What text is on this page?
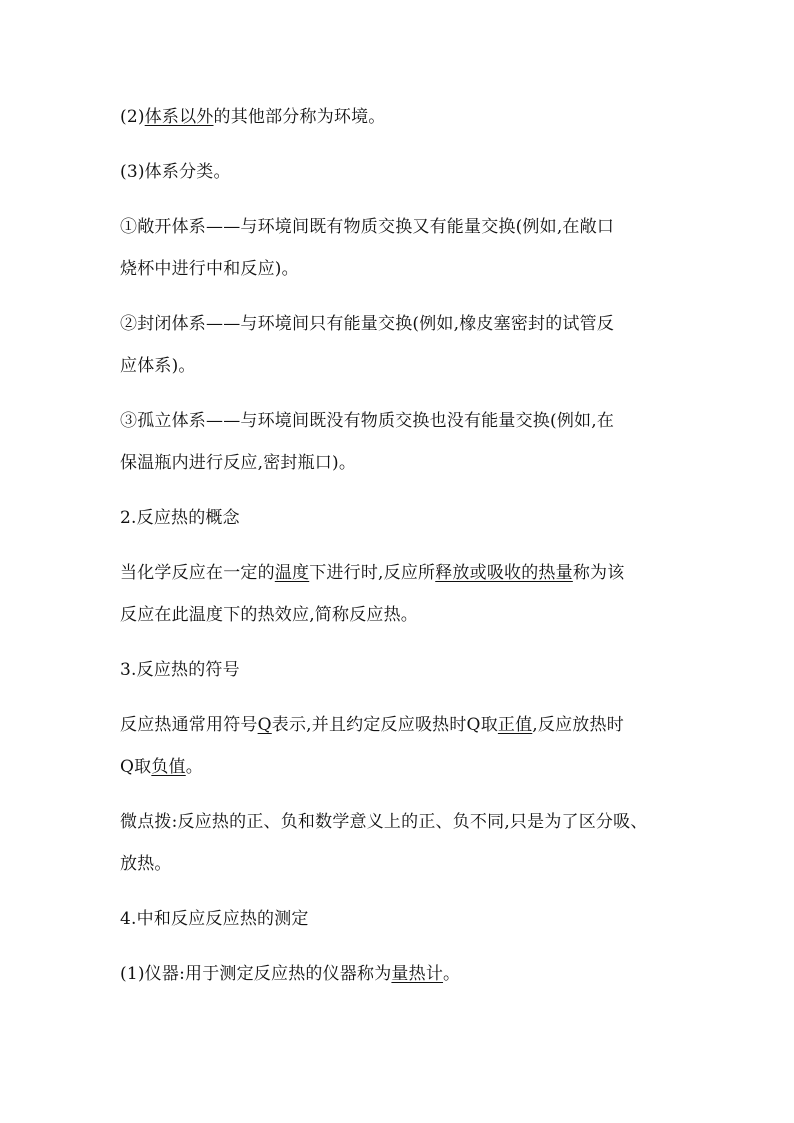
(2)体系以外的其他部分称为环境。
(3)体系分类。
①敞开体系——与环境间既有物质交换又有能量交换(例如,在敞口
烧杯中进行中和反应)。
②封闭体系——与环境间只有能量交换(例如,橡皮塞密封的试管反
应体系)。
③孤立体系——与环境间既没有物质交换也没有能量交换(例如,在
保温瓶内进行反应,密封瓶口)。
2.反应热的概念
当化学反应在一定的温度下进行时,反应所释放或吸收的热量称为该
反应在此温度下的热效应,简称反应热。
3.反应热的符号
反应热通常用符号Q表示,并且约定反应吸热时Q取正值,反应放热时
Q取负值。
微点拨:反应热的正、负和数学意义上的正、负不同,只是为了区分吸、
放热。
4.中和反应反应热的测定
(1)仪器:用于测定反应热的仪器称为量热计。
